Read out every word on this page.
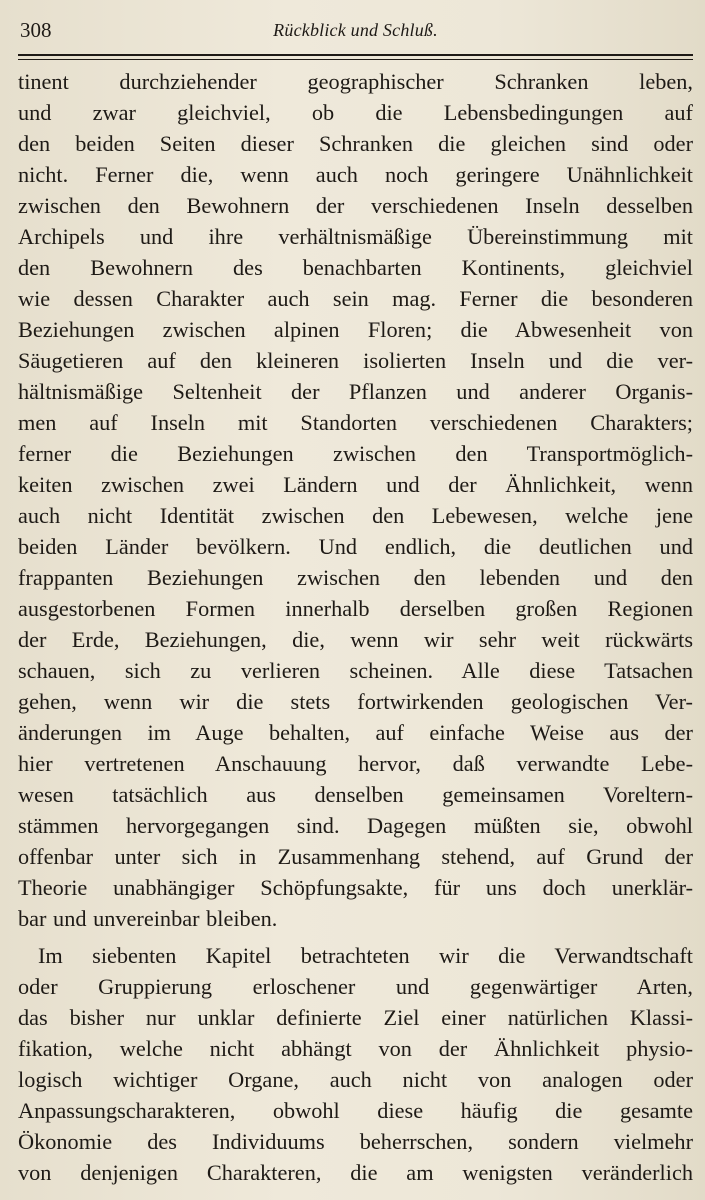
308	Rückblick und Schluß.
tinent durchziehender geographischer Schranken leben,
und zwar gleichviel, ob die Lebensbedingungen auf
den beiden Seiten dieser Schranken die gleichen sind oder
nicht. Ferner die, wenn auch noch geringere Unähnlichkeit
zwischen den Bewohnern der verschiedenen Inseln desselben
Archipels und ihre verhältnismäßige Übereinstimmung mit
den Bewohnern des benachbarten Kontinents, gleichviel
wie dessen Charakter auch sein mag. Ferner die besonderen
Beziehungen zwischen alpinen Floren; die Abwesenheit von
Säugetieren auf den kleineren isolierten Inseln und die ver-
hältnismäßige Seltenheit der Pflanzen und anderer Organis-
men auf Inseln mit Standorten verschiedenen Charakters;
ferner die Beziehungen zwischen den Transportmöglich-
keiten zwischen zwei Ländern und der Ähnlichkeit, wenn
auch nicht Identität zwischen den Lebewesen, welche jene
beiden Länder bevölkern. Und endlich, die deutlichen und
frappanten Beziehungen zwischen den lebenden und den
ausgestorbenen Formen innerhalb derselben großen Regionen
der Erde, Beziehungen, die, wenn wir sehr weit rückwärts
schauen, sich zu verlieren scheinen. Alle diese Tatsachen
gehen, wenn wir die stets fortwirkenden geologischen Ver-
änderungen im Auge behalten, auf einfache Weise aus der
hier vertretenen Anschauung hervor, daß verwandte Lebe-
wesen tatsächlich aus denselben gemeinsamen Voreltern-
stämmen hervorgegangen sind. Dagegen müßten sie, obwohl
offenbar unter sich in Zusammenhang stehend, auf Grund der
Theorie unabhängiger Schöpfungsakte, für uns doch unerklär-
bar und unvereinbar bleiben.
Im siebenten Kapitel betrachteten wir die Verwandtschaft
oder Gruppierung erloschener und gegenwärtiger Arten,
das bisher nur unklar definierte Ziel einer natürlichen Klassi-
fikation, welche nicht abhängt von der Ähnlichkeit physio-
logisch wichtiger Organe, auch nicht von analogen oder
Anpassungscharakteren, obwohl diese häufig die gesamte
Ökonomie des Individuums beherrschen, sondern vielmehr
von denjenigen Charakteren, die am wenigsten veränderlich
